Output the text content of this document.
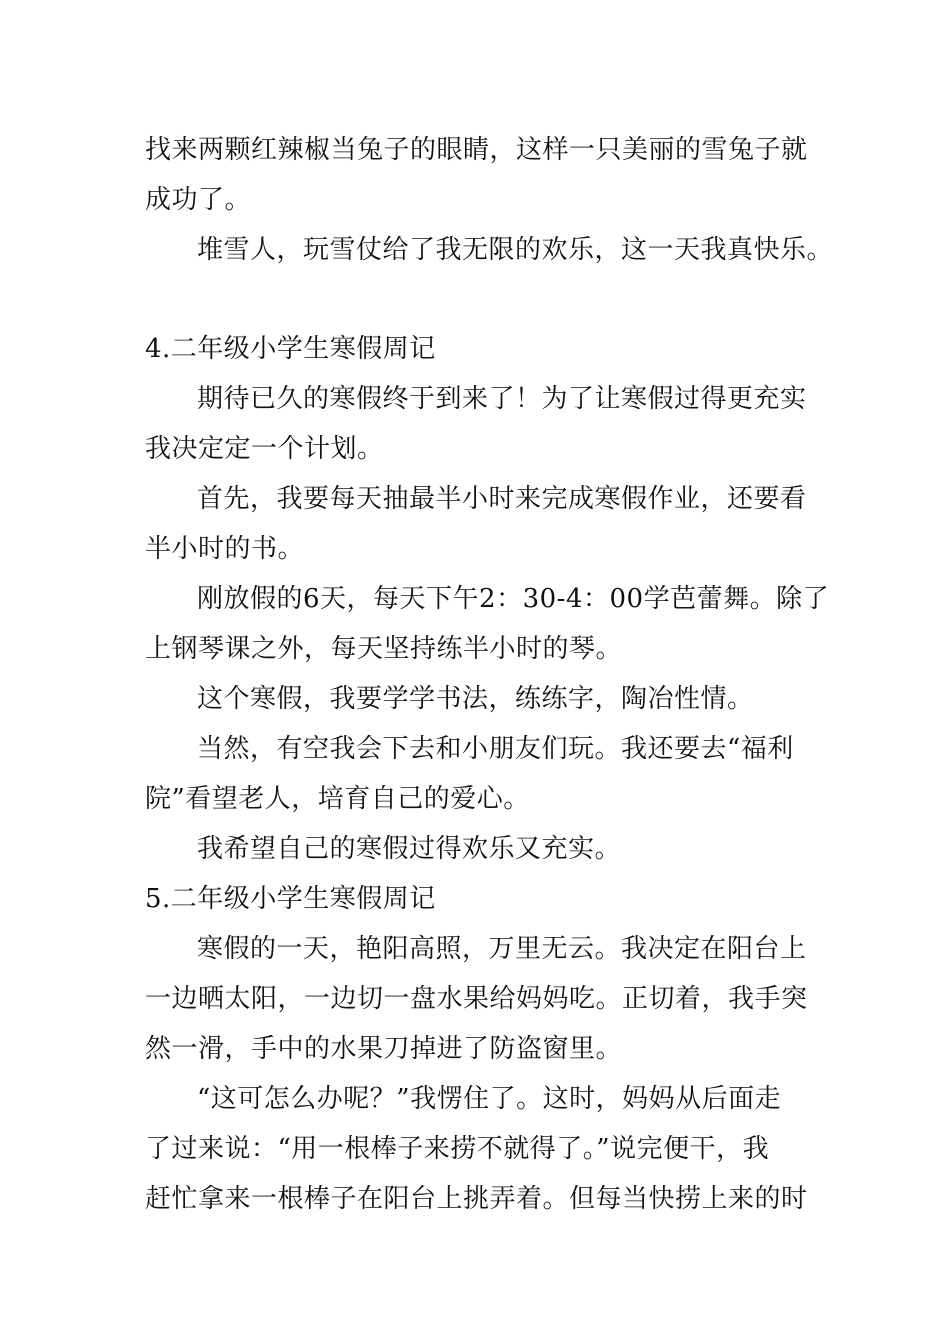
找来两颗红辣椒当兔子的眼睛，这样一只美丽的雪兔子就
成功了。
堆雪人，玩雪仗给了我无限的欢乐，这一天我真快乐。
4.二年级小学生寒假周记
期待已久的寒假终于到来了！为了让寒假过得更充实
我决定定一个计划。
首先，我要每天抽最半小时来完成寒假作业，还要看
半小时的书。
刚放假的6天，每天下午2：30-4：00学芭蕾舞。除了
上钢琴课之外，每天坚持练半小时的琴。
这个寒假，我要学学书法，练练字，陶冶性情。
当然，有空我会下去和小朋友们玩。我还要去“福利
院”看望老人，培育自己的爱心。
我希望自己的寒假过得欢乐又充实。
5.二年级小学生寒假周记
寒假的一天，艳阳高照，万里无云。我决定在阳台上
一边晒太阳，一边切一盘水果给妈妈吃。正切着，我手突
然一滑，手中的水果刀掉进了防盗窗里。
“这可怎么办呢？”我愣住了。这时，妈妈从后面走
了过来说：“用一根棒子来捞不就得了。”说完便干，我
赶忙拿来一根棒子在阳台上挑弄着。但每当快捞上来的时
